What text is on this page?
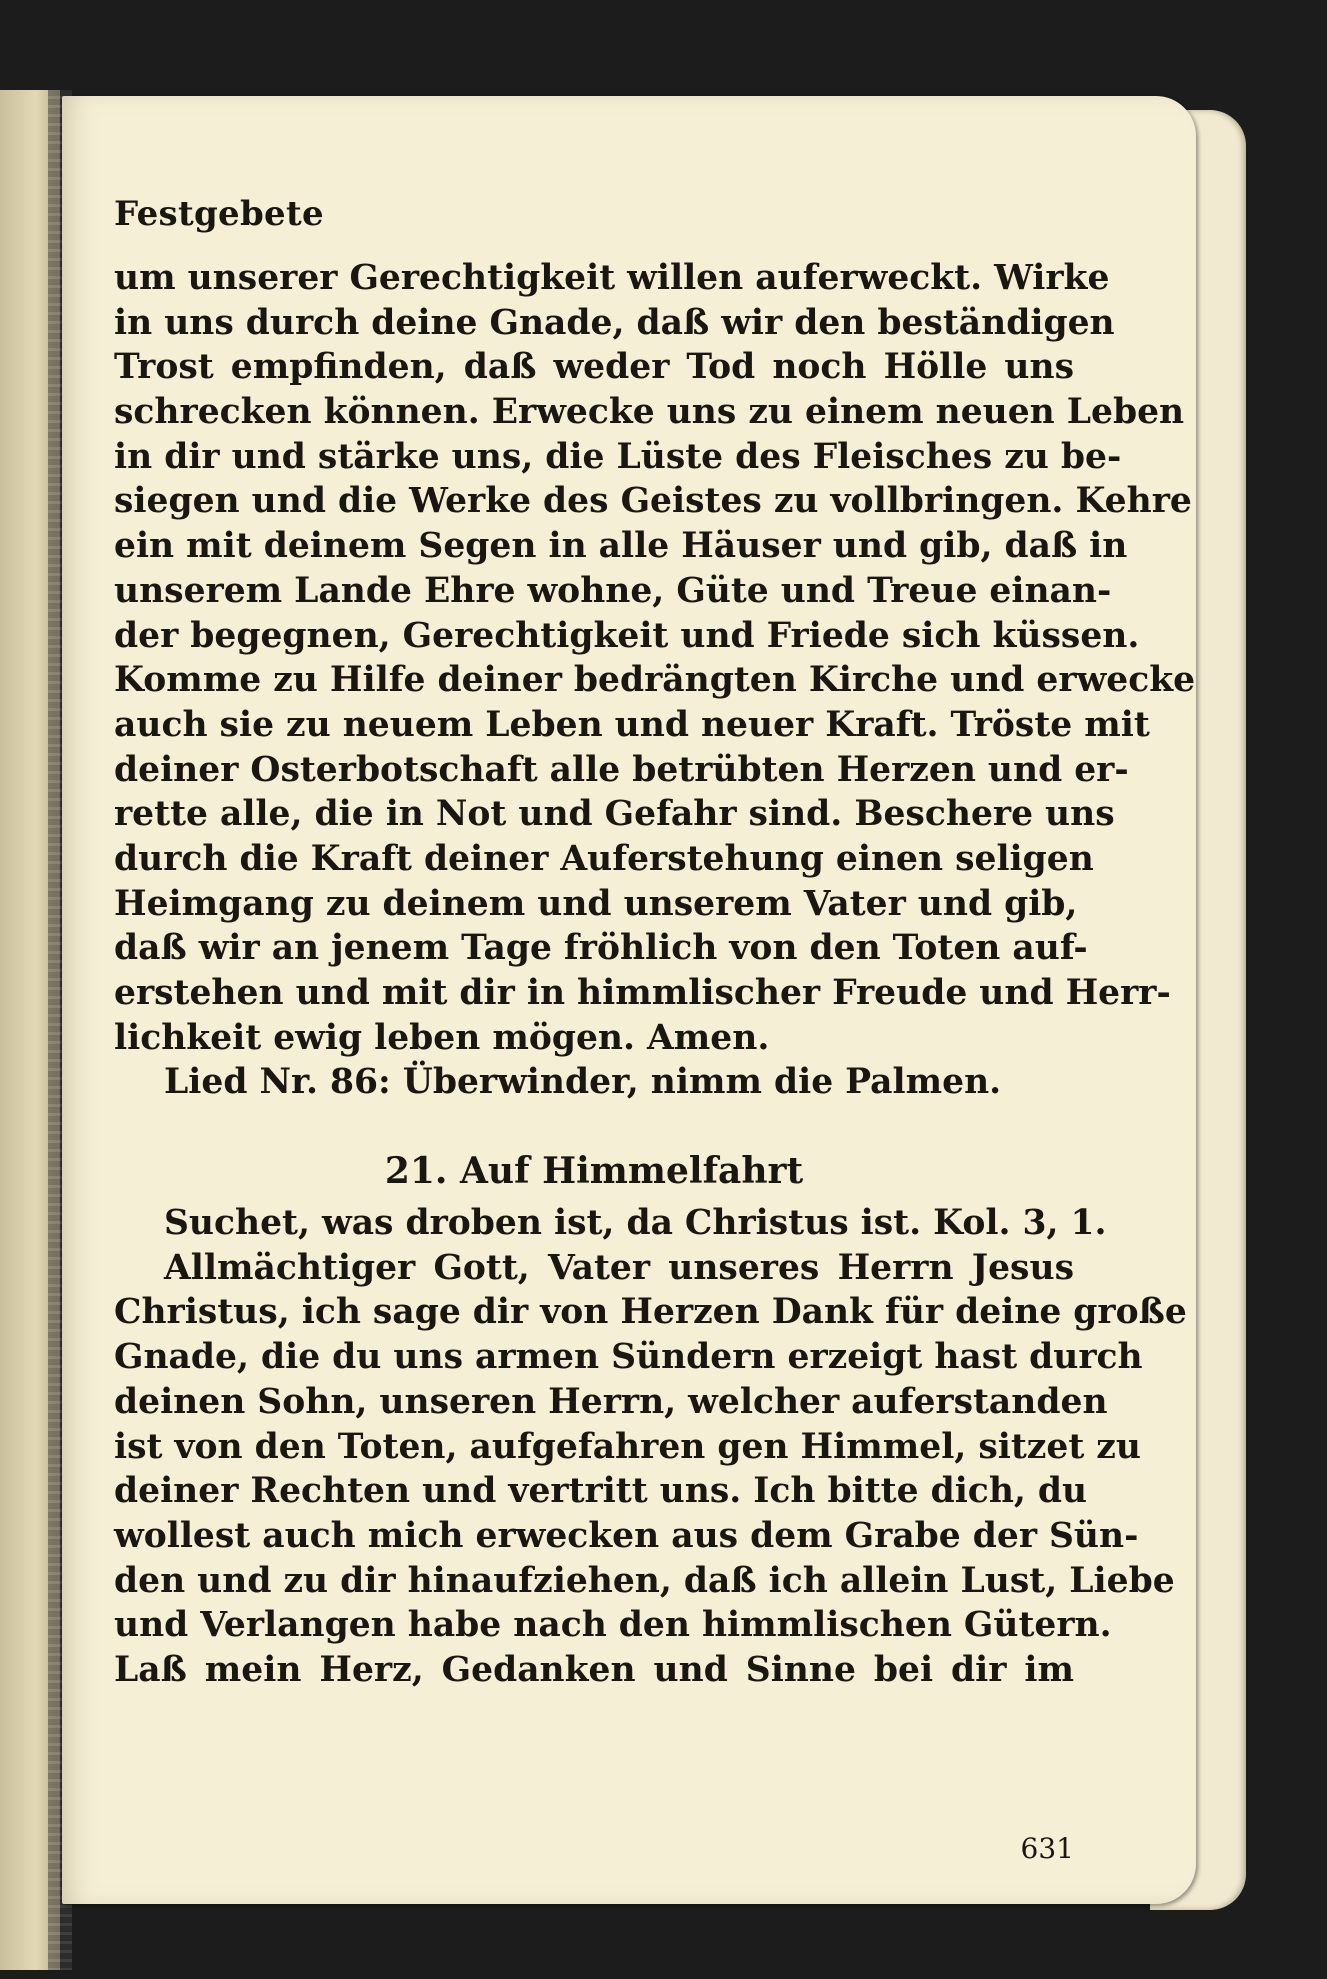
Festgebete
um unserer Gerechtigkeit willen auferweckt. Wirke
in uns durch deine Gnade, daß wir den beständigen
Trost empfinden, daß weder Tod noch Hölle uns
schrecken können. Erwecke uns zu einem neuen Leben
in dir und stärke uns, die Lüste des Fleisches zu be-
siegen und die Werke des Geistes zu vollbringen. Kehre
ein mit deinem Segen in alle Häuser und gib, daß in
unserem Lande Ehre wohne, Güte und Treue einan-
der begegnen, Gerechtigkeit und Friede sich küssen.
Komme zu Hilfe deiner bedrängten Kirche und erwecke
auch sie zu neuem Leben und neuer Kraft. Tröste mit
deiner Osterbotschaft alle betrübten Herzen und er-
rette alle, die in Not und Gefahr sind. Beschere uns
durch die Kraft deiner Auferstehung einen seligen
Heimgang zu deinem und unserem Vater und gib,
daß wir an jenem Tage fröhlich von den Toten auf-
erstehen und mit dir in himmlischer Freude und Herr-
lichkeit ewig leben mögen. Amen.
Lied Nr. 86: Überwinder, nimm die Palmen.
21. Auf Himmelfahrt
Suchet, was droben ist, da Christus ist. Kol. 3, 1.
Allmächtiger Gott, Vater unseres Herrn Jesus
Christus, ich sage dir von Herzen Dank für deine große
Gnade, die du uns armen Sündern erzeigt hast durch
deinen Sohn, unseren Herrn, welcher auferstanden
ist von den Toten, aufgefahren gen Himmel, sitzet zu
deiner Rechten und vertritt uns. Ich bitte dich, du
wollest auch mich erwecken aus dem Grabe der Sün-
den und zu dir hinaufziehen, daß ich allein Lust, Liebe
und Verlangen habe nach den himmlischen Gütern.
Laß mein Herz, Gedanken und Sinne bei dir im
631
